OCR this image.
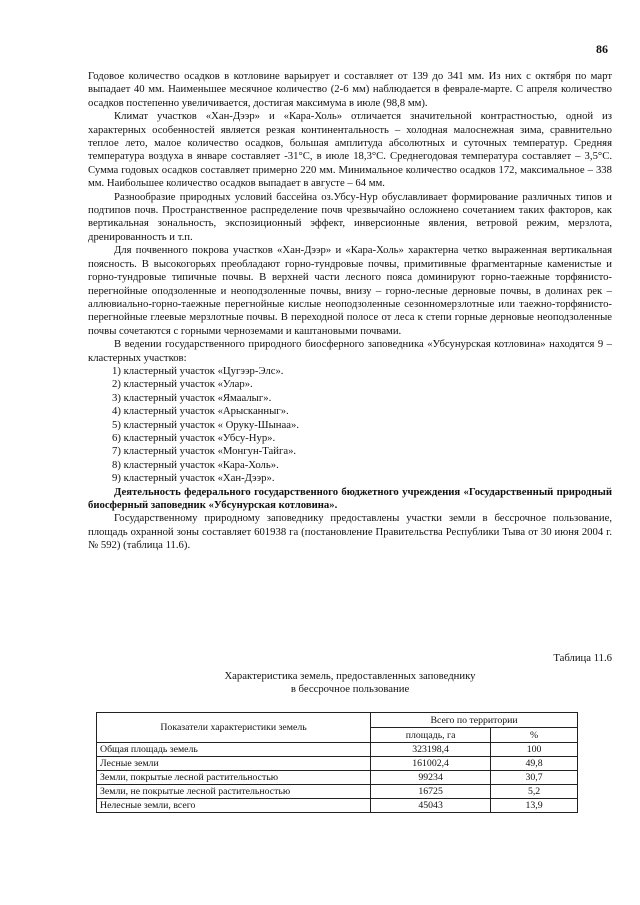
86

Годовое количество осадков в котловине варьирует и составляет от 139 до 341 мм. Из них с октября по март выпадает 40 мм. Наименьшее месячное количество (2-6 мм) наблюдается в феврале-марте. С апреля количество осадков постепенно увеличивается, достигая максимума в июле (98,8 мм).

Климат участков «Хан-Дээр» и «Кара-Холь» отличается значительной контрастностью, одной из характерных особенностей является резкая континентальность – холодная малоснежная зима, сравнительно теплое лето, малое количество осадков, большая амплитуда абсолютных и суточных температур. Средняя температура воздуха в январе составляет -31°С, в июле 18,3°С. Среднегодовая температура составляет – 3,5°С. Сумма годовых осадков составляет примерно 220 мм. Минимальное количество осадков 172, максимальное – 338 мм. Наибольшее количество осадков выпадает в августе – 64 мм.

Разнообразие природных условий бассейна оз.Убсу-Нур обуславливает формирование различных типов и подтипов почв. Пространственное распределение почв чрезвычайно осложнено сочетанием таких факторов, как вертикальная зональность, экспозиционный эффект, инверсионные явления, ветровой режим, мерзлота, дренированность и т.п.

Для почвенного покрова участков «Хан-Дээр» и «Кара-Холь» характерна четко выраженная вертикальная поясность. В высокогорьях преобладают горно-тундровые почвы, примитивные фрагментарные каменистые и горно-тундровые типичные почвы. В верхней части лесного пояса доминируют горно-таежные торфянисто-перегнойные оподзоленные и неоподзоленные почвы, внизу – горно-лесные дерновые почвы, в долинах рек – аллювиально-горно-таежные перегнойные кислые неоподзоленные сезонномерзлотные или таежно-торфянисто-перегнойные глеевые мерзлотные почвы. В переходной полосе от леса к степи горные дерновые неоподзоленные почвы сочетаются с горными черноземами и каштановыми почвами.

В ведении государственного природного биосферного заповедника «Убсунурская котловина» находятся 9 – кластерных участков:

1) кластерный участок «Цугээр-Элс».
2) кластерный участок «Улар».
3) кластерный участок «Ямаалыг».
4) кластерный участок «Арысканныг».
5) кластерный участок « Оруку-Шынаа».
6) кластерный участок «Убсу-Нур».
7) кластерный участок «Монгун-Тайга».
8) кластерный участок «Кара-Холь».
9) кластерный участок «Хан-Дээр».

Деятельность федерального государственного бюджетного учреждения «Государственный природный биосферный заповедник «Убсунурская котловина».

Государственному природному заповеднику предоставлены участки земли в бессрочное пользование, площадь охранной зоны составляет 601938 га (постановление Правительства Республики Тыва от 30 июня 2004 г. № 592) (таблица 11.6).

Таблица 11.6
Характеристика земель, предоставленных заповеднику
в бессрочное пользование
Показатели характеристики земель	Всего по территории	
	площадь, га	%
Общая площадь земель	323198,4	100
Лесные земли	161002,4	49,8
Земли, покрытые лесной растительностью	99234	30,7
Земли, не покрытые лесной растительностью	16725	5,2
Нелесные земли, всего	45043	13,9
